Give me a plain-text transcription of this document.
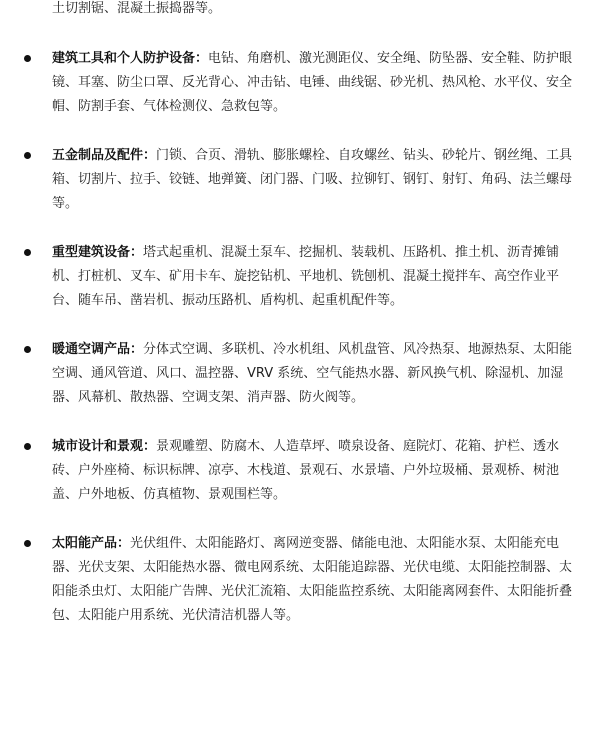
土切割锯、混凝土振捣器等。

建筑工具和个人防护设备：电钻、角磨机、激光测距仪、安全绳、防坠器、安全鞋、防护眼镜、耳塞、防尘口罩、反光背心、冲击钻、电锤、曲线锯、砂光机、热风枪、水平仪、安全帽、防割手套、气体检测仪、急救包等。
五金制品及配件：门锁、合页、滑轨、膨胀螺栓、自攻螺丝、钻头、砂轮片、钢丝绳、工具箱、切割片、拉手、铰链、地弹簧、闭门器、门吸、拉铆钉、钢钉、射钉、角码、法兰螺母等。
重型建筑设备：塔式起重机、混凝土泵车、挖掘机、装载机、压路机、推土机、沥青摊铺机、打桩机、叉车、矿用卡车、旋挖钻机、平地机、铣刨机、混凝土搅拌车、高空作业平台、随车吊、凿岩机、振动压路机、盾构机、起重机配件等。
暖通空调产品：分体式空调、多联机、冷水机组、风机盘管、风冷热泵、地源热泵、太阳能空调、通风管道、风口、温控器、VRV 系统、空气能热水器、新风换气机、除湿机、加湿器、风幕机、散热器、空调支架、消声器、防火阀等。
城市设计和景观：景观雕塑、防腐木、人造草坪、喷泉设备、庭院灯、花箱、护栏、透水砖、户外座椅、标识标牌、凉亭、木栈道、景观石、水景墙、户外垃圾桶、景观桥、树池盖、户外地板、仿真植物、景观围栏等。
太阳能产品：光伏组件、太阳能路灯、离网逆变器、储能电池、太阳能水泵、太阳能充电器、光伏支架、太阳能热水器、微电网系统、太阳能追踪器、光伏电缆、太阳能控制器、太阳能杀虫灯、太阳能广告牌、光伏汇流箱、太阳能监控系统、太阳能离网套件、太阳能折叠包、太阳能户用系统、光伏清洁机器人等。
